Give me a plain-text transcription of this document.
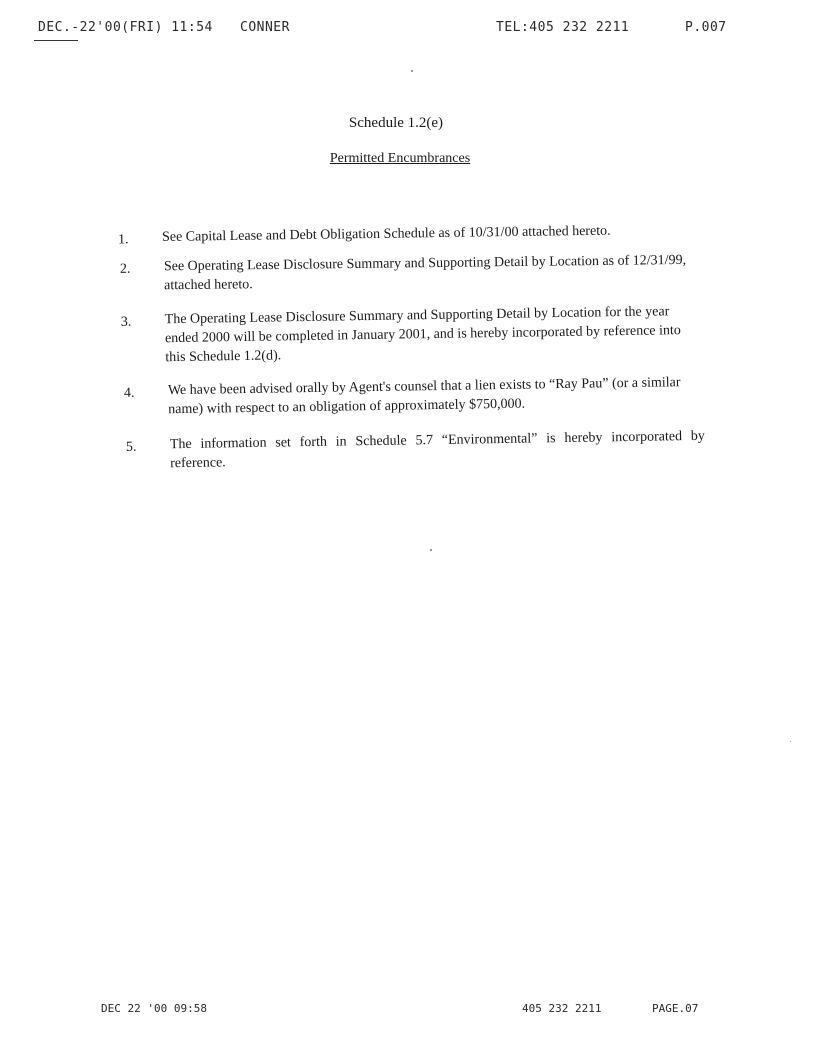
DEC.-22'00(FRI) 11:54 CONNER	TEL:405 232 2211	P.007
Schedule 1.2(e)
Permitted Encumbrances
1.	See Capital Lease and Debt Obligation Schedule as of 10/31/00 attached hereto.
2.	See Operating Lease Disclosure Summary and Supporting Detail by Location as of 12/31/99, attached hereto.
3.	The Operating Lease Disclosure Summary and Supporting Detail by Location for the year ended 2000 will be completed in January 2001, and is hereby incorporated by reference into this Schedule 1.2(d).
4.	We have been advised orally by Agent's counsel that a lien exists to “Ray Pau” (or a similar name) with respect to an obligation of approximately $750,000.
5.	The information set forth in Schedule 5.7 “Environmental” is hereby incorporated by reference.
DEC 22 '00 09:58	405 232 2211	PAGE.07
